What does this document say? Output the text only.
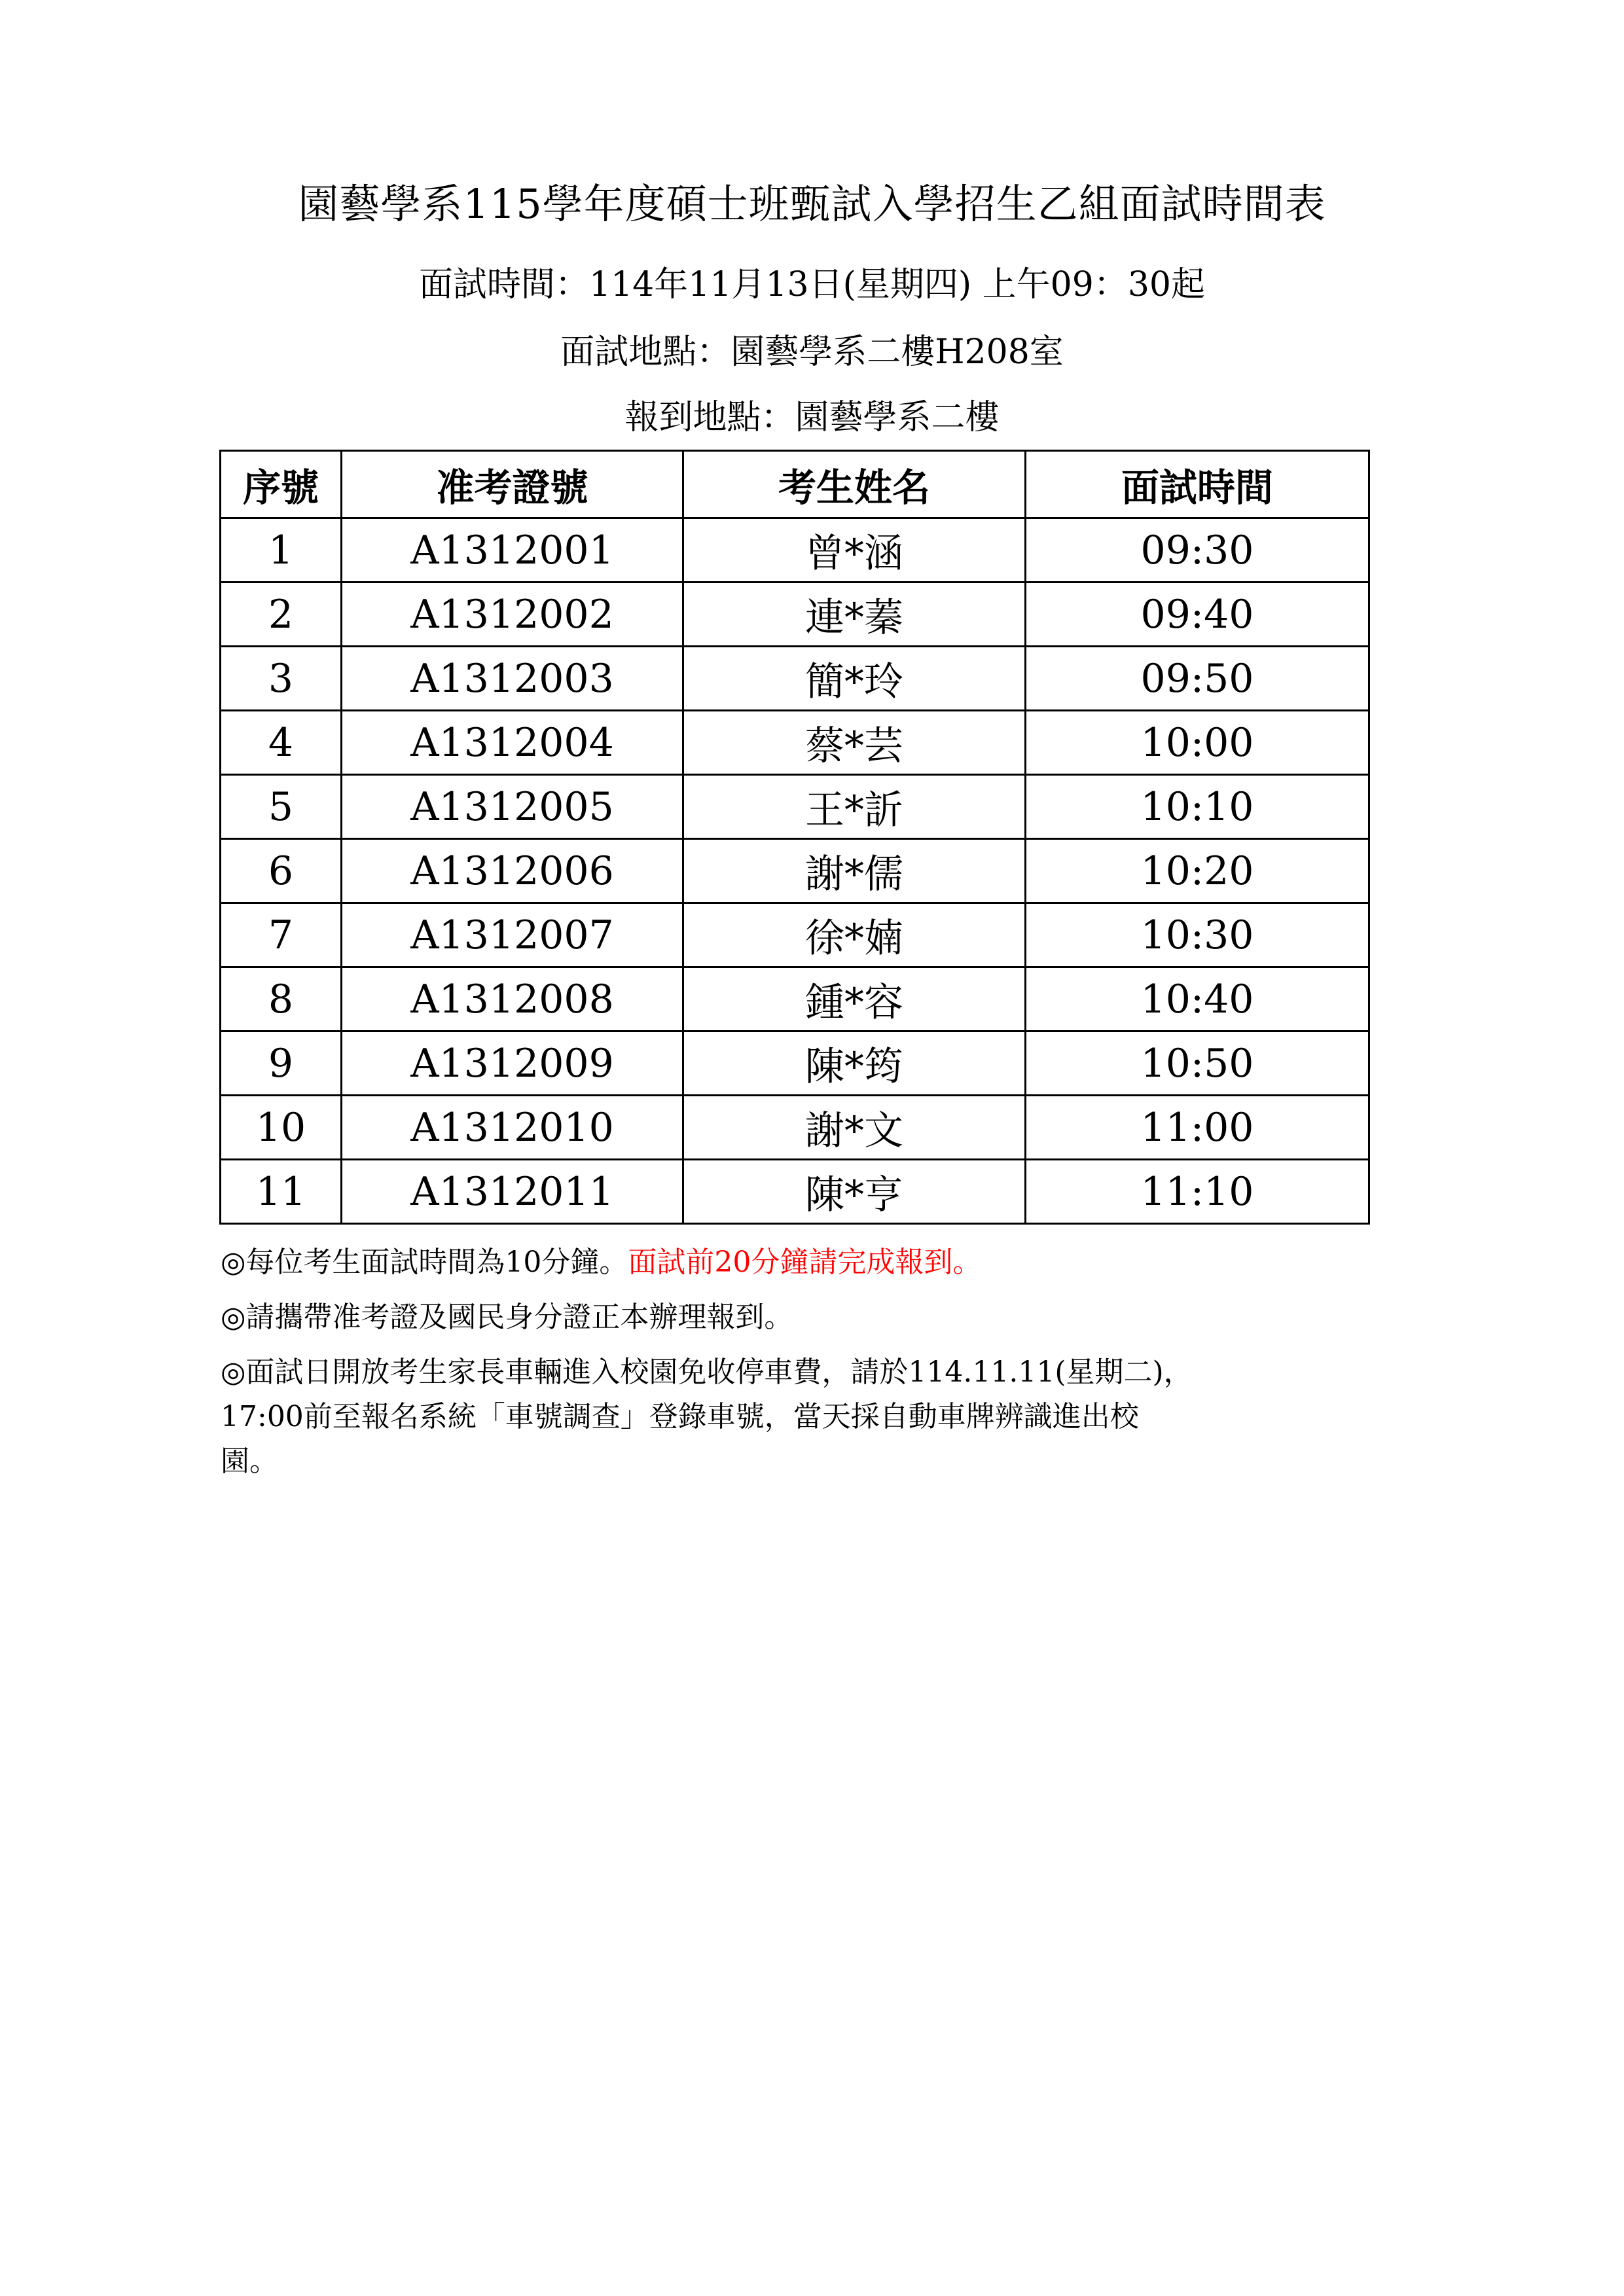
園藝學系115學年度碩士班甄試入學招生乙組面試時間表
面試時間：114年11月13日(星期四) 上午09：30起
面試地點：園藝學系二樓H208室
報到地點：園藝學系二樓
序號	准考證號	考生姓名	面試時間
1	A1312001	曾*涵	09:30
2	A1312002	連*蓁	09:40
3	A1312003	簡*玲	09:50
4	A1312004	蔡*芸	10:00
5	A1312005	王*訢	10:10
6	A1312006	謝*儒	10:20
7	A1312007	徐*婻	10:30
8	A1312008	鍾*容	10:40
9	A1312009	陳*筠	10:50
10	A1312010	謝*文	11:00
11	A1312011	陳*亨	11:10
◎每位考生面試時間為10分鐘。面試前20分鐘請完成報到。
◎請攜帶准考證及國民身分證正本辦理報到。
◎面試日開放考生家長車輛進入校園免收停車費，請於114.11.11(星期二)，
17:00前至報名系統「車號調查」登錄車號，當天採自動車牌辨識進出校
園。
